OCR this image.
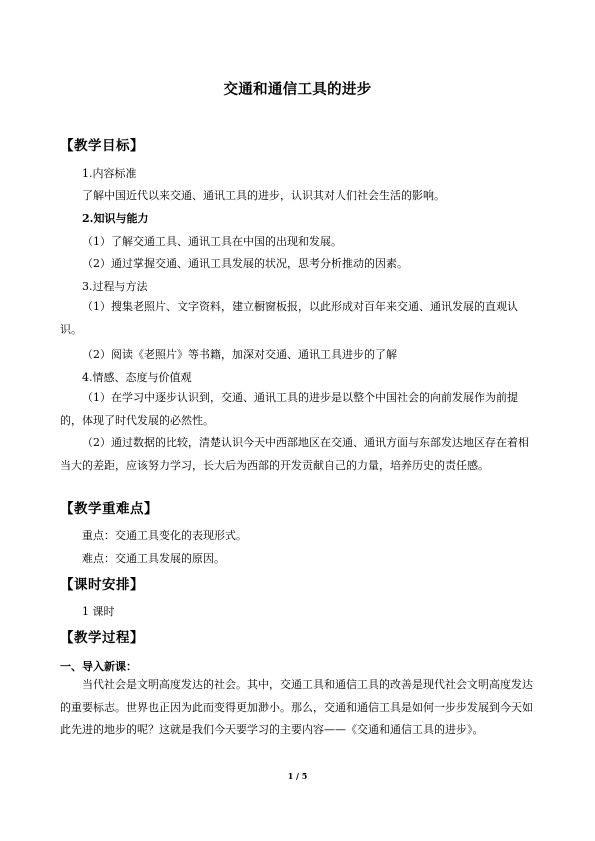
交通和通信工具的进步
【教学目标】
1.内容标准
了解中国近代以来交通、通讯工具的进步，认识其对人们社会生活的影响。
2.知识与能力
（1）了解交通工具、通讯工具在中国的出现和发展。
（2）通过掌握交通、通讯工具发展的状况，思考分析推动的因素。
3.过程与方法
（1）搜集老照片、文字资料，建立橱窗板报，以此形成对百年来交通、通讯发展的直观认识。
（2）阅读《老照片》等书籍，加深对交通、通讯工具进步的了解
4.情感、态度与价值观
（1）在学习中逐步认识到，交通、通讯工具的进步是以整个中国社会的向前发展作为前提的，体现了时代发展的必然性。
（2）通过数据的比较，清楚认识今天中西部地区在交通、通讯方面与东部发达地区存在着相当大的差距，应该努力学习，长大后为西部的开发贡献自己的力量，培养历史的责任感。
【教学重难点】
重点：交通工具变化的表现形式。
难点：交通工具发展的原因。
【课时安排】
1 课时
【教学过程】
一、导入新课：
当代社会是文明高度发达的社会。其中，交通工具和通信工具的改善是现代社会文明高度发达的重要标志。世界也正因为此而变得更加渺小。那么，交通和通信工具是如何一步步发展到今天如此先进的地步的呢？这就是我们今天要学习的主要内容——《交通和通信工具的进步》。
1 / 5
